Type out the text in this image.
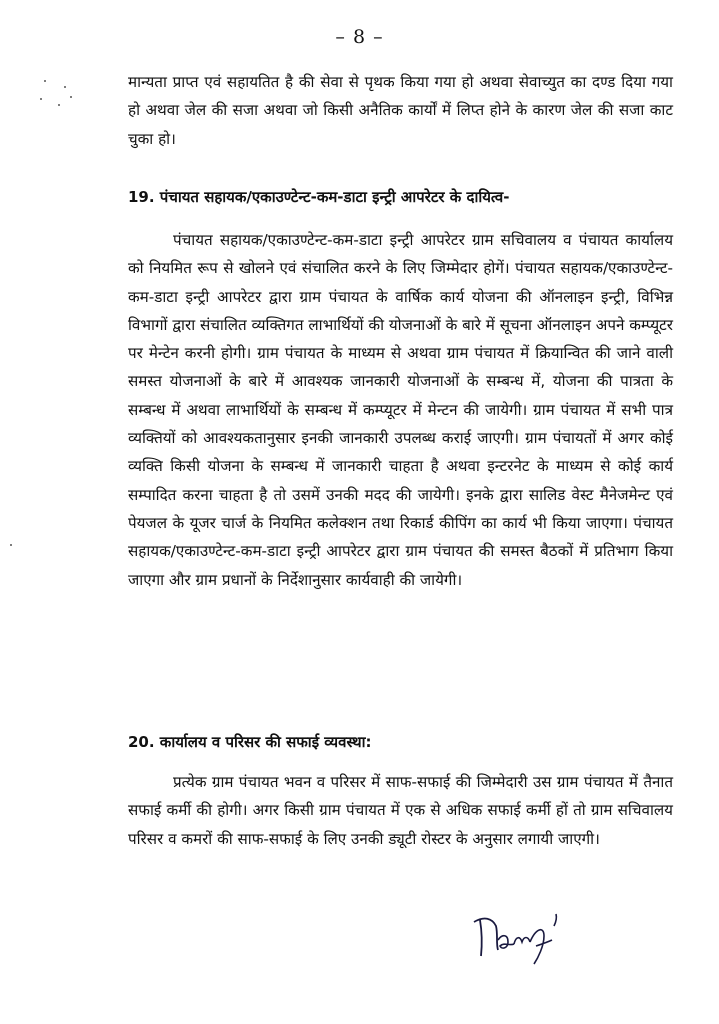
– 8 –

मान्यता प्राप्त एवं सहायतित है की सेवा से पृथक किया गया हो अथवा सेवाच्युत का दण्ड दिया गया हो अथवा जेल की सजा अथवा जो किसी अनैतिक कार्यों में लिप्त होने के कारण जेल की सजा काट चुका हो।

19. पंचायत सहायक/एकाउण्टेन्ट-कम-डाटा इन्ट्री आपरेटर के दायित्व-

पंचायत सहायक/एकाउण्टेन्ट-कम-डाटा इन्ट्री आपरेटर ग्राम सचिवालय व पंचायत कार्यालय को नियमित रूप से खोलने एवं संचालित करने के लिए जिम्मेदार होगें। पंचायत सहायक/एकाउण्टेन्ट-कम-डाटा इन्ट्री आपरेटर द्वारा ग्राम पंचायत के वार्षिक कार्य योजना की ऑनलाइन इन्ट्री, विभिन्न विभागों द्वारा संचालित व्यक्तिगत लाभार्थियों की योजनाओं के बारे में सूचना ऑनलाइन अपने कम्प्यूटर पर मेन्टेन करनी होगी। ग्राम पंचायत के माध्यम से अथवा ग्राम पंचायत में क्रियान्वित की जाने वाली समस्त योजनाओं के बारे में आवश्यक जानकारी योजनाओं के सम्बन्ध में, योजना की पात्रता के सम्बन्ध में अथवा लाभार्थियों के सम्बन्ध में कम्प्यूटर में मेन्टन की जायेगी। ग्राम पंचायत में सभी पात्र व्यक्तियों को आवश्यकतानुसार इनकी जानकारी उपलब्ध कराई जाएगी। ग्राम पंचायतों में अगर कोई व्यक्ति किसी योजना के सम्बन्ध में जानकारी चाहता है अथवा इन्टरनेट के माध्यम से कोई कार्य सम्पादित करना चाहता है तो उसमें उनकी मदद की जायेगी। इनके द्वारा सालिड वेस्ट मैनेजमेन्ट एवं पेयजल के यूजर चार्ज के नियमित कलेक्शन तथा रिकार्ड कीपिंग का कार्य भी किया जाएगा। पंचायत सहायक/एकाउण्टेन्ट-कम-डाटा इन्ट्री आपरेटर द्वारा ग्राम पंचायत की समस्त बैठकों में प्रतिभाग किया जाएगा और ग्राम प्रधानों के निर्देशानुसार कार्यवाही की जायेगी।

20. कार्यालय व परिसर की सफाई व्यवस्था:

प्रत्येक ग्राम पंचायत भवन व परिसर में साफ-सफाई की जिम्मेदारी उस ग्राम पंचायत में तैनात सफाई कर्मी की होगी। अगर किसी ग्राम पंचायत में एक से अधिक सफाई कर्मी हों तो ग्राम सचिवालय परिसर व कमरों की साफ-सफाई के लिए उनकी ड्यूटी रोस्टर के अनुसार लगायी जाएगी।
